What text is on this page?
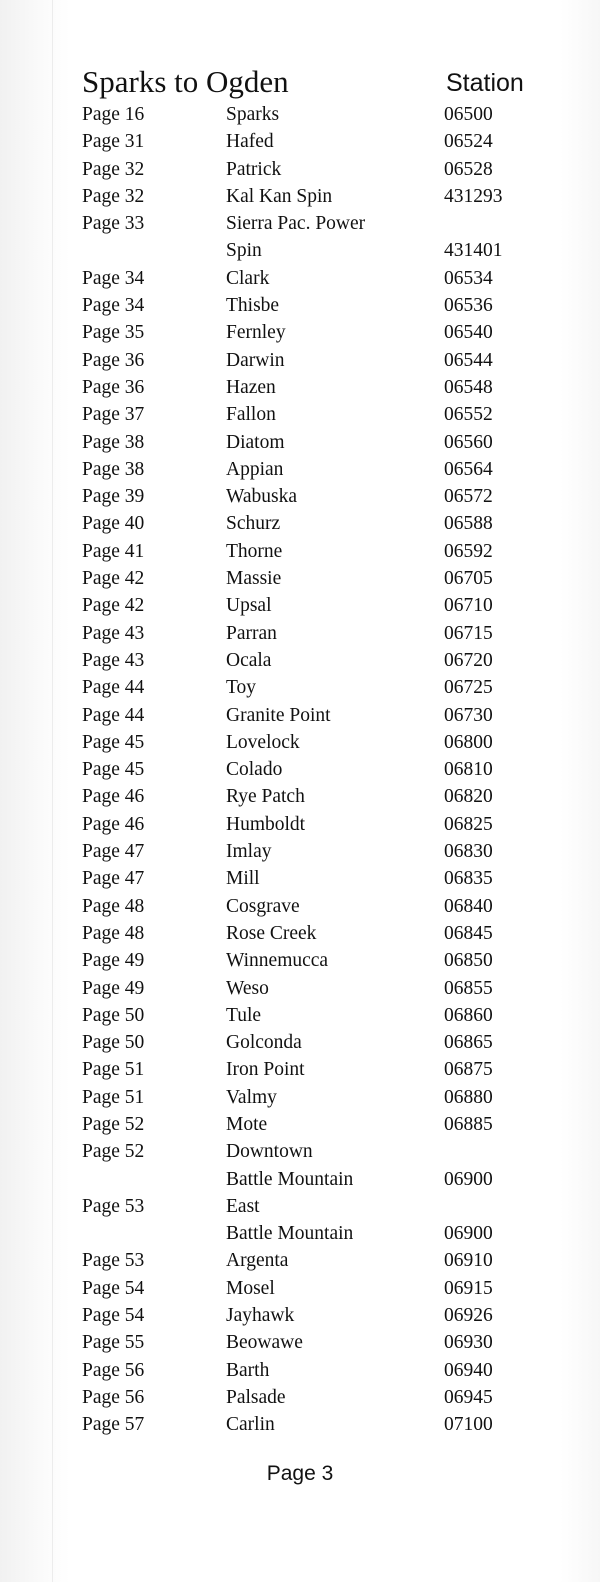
Sparks to Ogden	Station
Page 16	Sparks	06500
Page 31	Hafed	06524
Page 32	Patrick	06528
Page 32	Kal Kan Spin	431293
Page 33	Sierra Pac. Power
Spin	431401
Page 34	Clark	06534
Page 34	Thisbe	06536
Page 35	Fernley	06540
Page 36	Darwin	06544
Page 36	Hazen	06548
Page 37	Fallon	06552
Page 38	Diatom	06560
Page 38	Appian	06564
Page 39	Wabuska	06572
Page 40	Schurz	06588
Page 41	Thorne	06592
Page 42	Massie	06705
Page 42	Upsal	06710
Page 43	Parran	06715
Page 43	Ocala	06720
Page 44	Toy	06725
Page 44	Granite Point	06730
Page 45	Lovelock	06800
Page 45	Colado	06810
Page 46	Rye Patch	06820
Page 46	Humboldt	06825
Page 47	Imlay	06830
Page 47	Mill	06835
Page 48	Cosgrave	06840
Page 48	Rose Creek	06845
Page 49	Winnemucca	06850
Page 49	Weso	06855
Page 50	Tule	06860
Page 50	Golconda	06865
Page 51	Iron Point	06875
Page 51	Valmy	06880
Page 52	Mote	06885
Page 52	Downtown
Battle Mountain	06900
Page 53	East
Battle Mountain	06900
Page 53	Argenta	06910
Page 54	Mosel	06915
Page 54	Jayhawk	06926
Page 55	Beowawe	06930
Page 56	Barth	06940
Page 56	Palsade	06945
Page 57	Carlin	07100
Page 3
